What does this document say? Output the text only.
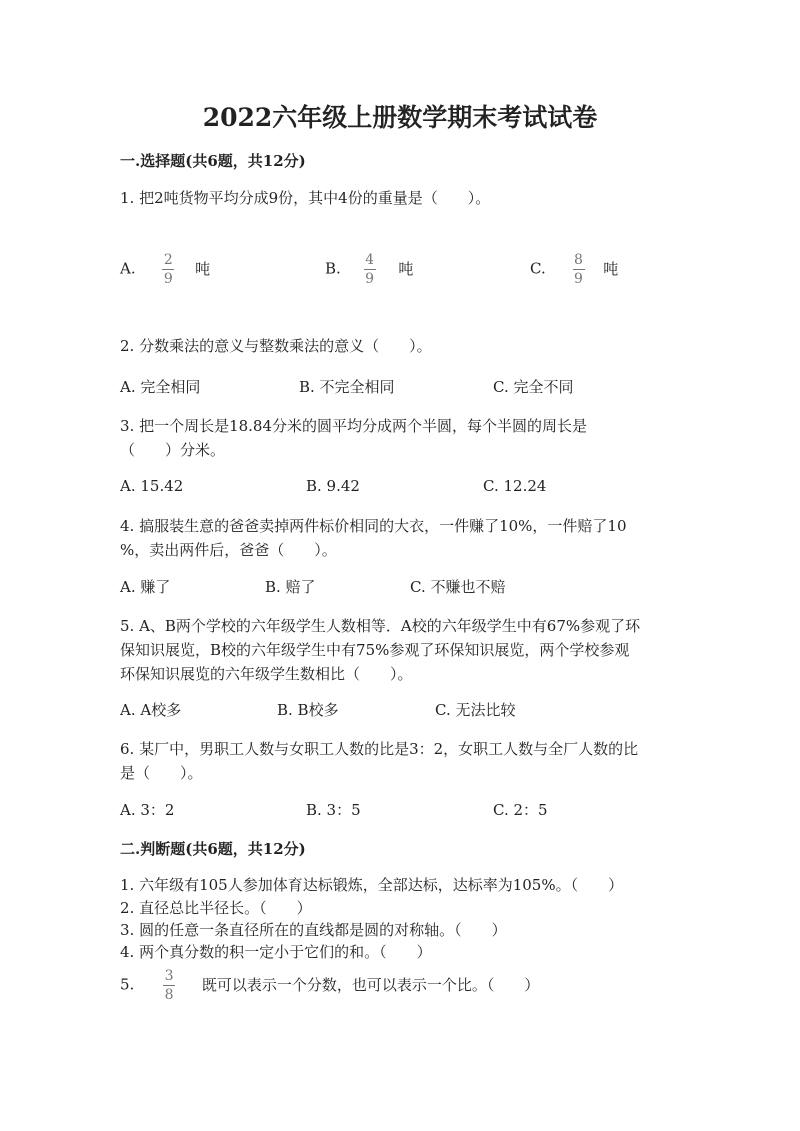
2022六年级上册数学期末考试试卷
一.选择题(共6题，共12分)
1. 把2吨货物平均分成9份，其中4份的重量是（　　）。
A. $\frac{2}{9}$ 吨	B. $\frac{4}{9}$ 吨	C. $\frac{8}{9}$ 吨
2. 分数乘法的意义与整数乘法的意义（　　）。
A. 完全相同	B. 不完全相同	C. 完全不同
3. 把一个周长是18.84分米的圆平均分成两个半圆，每个半圆的周长是
（　　）分米。
A. 15.42	B. 9.42	C. 12.24
4. 搞服装生意的爸爸卖掉两件标价相同的大衣，一件赚了10%，一件赔了10
%，卖出两件后，爸爸（　　）。
A. 赚了	B. 赔了	C. 不赚也不赔
5. A、B两个学校的六年级学生人数相等．A校的六年级学生中有67%参观了环
保知识展览，B校的六年级学生中有75%参观了环保知识展览，两个学校参观
环保知识展览的六年级学生数相比（　　）。
A. A校多	B. B校多	C. 无法比较
6. 某厂中，男职工人数与女职工人数的比是3：2，女职工人数与全厂人数的比
是（　　）。
A. 3：2	B. 3：5	C. 2：5
二.判断题(共6题，共12分)
1. 六年级有105人参加体育达标锻炼，全部达标，达标率为105%。（　　）
2. 直径总比半径长。（　　）
3. 圆的任意一条直径所在的直线都是圆的对称轴。（　　）
4. 两个真分数的积一定小于它们的和。（　　）
5. $\frac{3}{8}$ 既可以表示一个分数，也可以表示一个比。（　　）
